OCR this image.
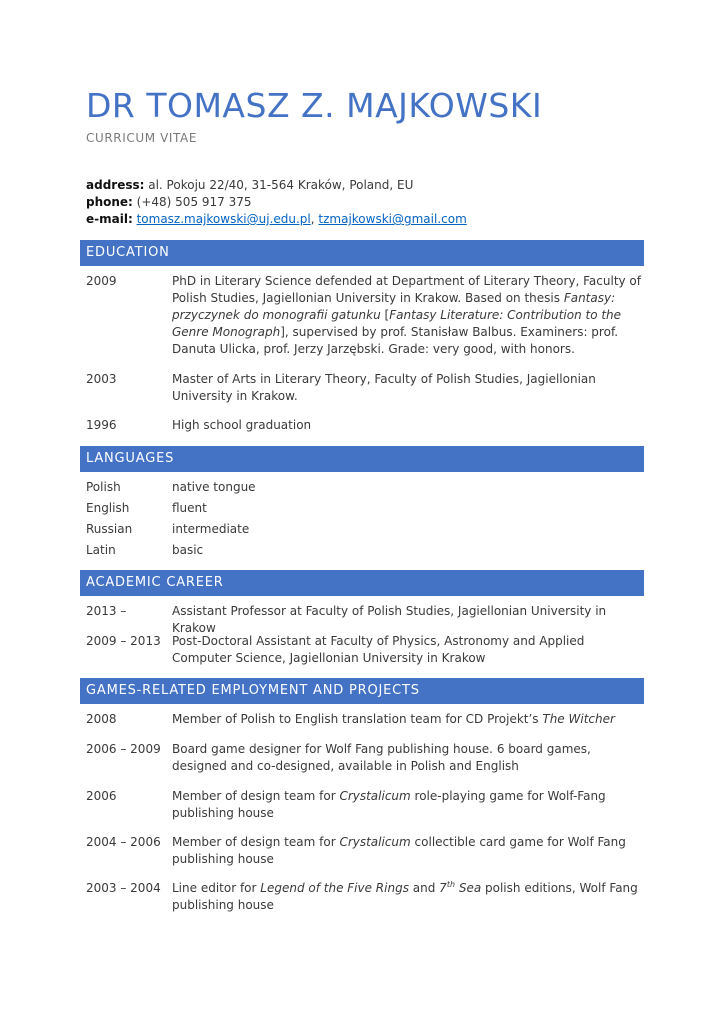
DR TOMASZ Z. MAJKOWSKI

CURRICUM VITAE

address: al. Pokoju 22/40, 31-564 Kraków, Poland, EU
phone: (+48) 505 917 375
e-mail: tomasz.majkowski@uj.edu.pl, tzmajkowski@gmail.com
EDUCATION
2009	PhD in Literary Science defended at Department of Literary Theory, Faculty of Polish Studies, Jagiellonian University in Krakow. Based on thesis Fantasy: przyczynek do monografii gatunku [Fantasy Literature: Contribution to the Genre Monograph], supervised by prof. Stanisław Balbus. Examiners: prof. Danuta Ulicka, prof. Jerzy Jarzębski. Grade: very good, with honors.
2003	Master of Arts in Literary Theory, Faculty of Polish Studies, Jagiellonian University in Krakow.
1996	High school graduation
LANGUAGES
Polish	native tongue
English	fluent
Russian	intermediate
Latin	basic
ACADEMIC CAREER
2013 –	Assistant Professor at Faculty of Polish Studies, Jagiellonian University in Krakow
2009 – 2013 Post-Doctoral Assistant at Faculty of Physics, Astronomy and Applied Computer Science, Jagiellonian University in Krakow
GAMES-RELATED EMPLOYMENT AND PROJECTS
2008	Member of Polish to English translation team for CD Projekt’s The Witcher
2006 – 2009 Board game designer for Wolf Fang publishing house. 6 board games, designed and co-designed, available in Polish and English
2006	Member of design team for Crystalicum role-playing game for Wolf-Fang publishing house
2004 – 2006 Member of design team for Crystalicum collectible card game for Wolf Fang publishing house
2003 – 2004 Line editor for Legend of the Five Rings and 7th Sea polish editions, Wolf Fang publishing house
